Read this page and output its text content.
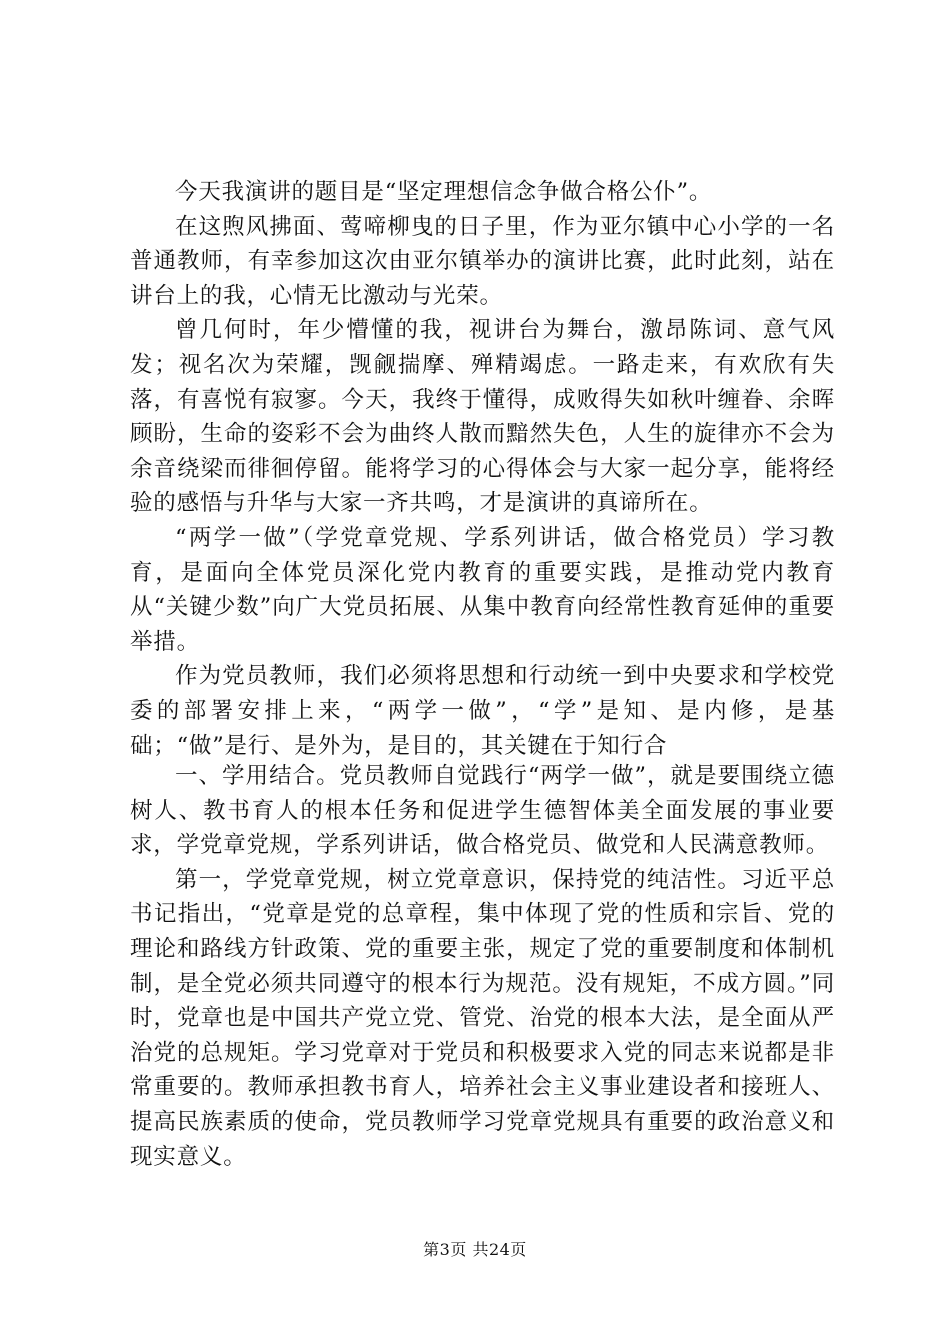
今天我演讲的题目是“坚定理想信念争做合格公仆”。

在这煦风拂面、莺啼柳曳的日子里，作为亚尔镇中心小学的一名普通教师，有幸参加这次由亚尔镇举办的演讲比赛，此时此刻，站在讲台上的我，心情无比激动与光荣。

曾几何时，年少懵懂的我，视讲台为舞台，激昂陈词、意气风发；视名次为荣耀，觊觎揣摩、殚精竭虑。一路走来，有欢欣有失落，有喜悦有寂寥。今天，我终于懂得，成败得失如秋叶缠眷、余晖顾盼，生命的姿彩不会为曲终人散而黯然失色，人生的旋律亦不会为余音绕梁而徘徊停留。能将学习的心得体会与大家一起分享，能将经验的感悟与升华与大家一齐共鸣，才是演讲的真谛所在。

“两学一做”（学党章党规、学系列讲话，做合格党员）学习教育，是面向全体党员深化党内教育的重要实践，是推动党内教育从“关键少数”向广大党员拓展、从集中教育向经常性教育延伸的重要举措。

作为党员教师，我们必须将思想和行动统一到中央要求和学校党委的部署安排上来，“两学一做”，“学”是知、是内修，是基础；“做”是行、是外为，是目的，其关键在于知行合

一、学用结合。党员教师自觉践行“两学一做”，就是要围绕立德树人、教书育人的根本任务和促进学生德智体美全面发展的事业要求，学党章党规，学系列讲话，做合格党员、做党和人民满意教师。

第一，学党章党规，树立党章意识，保持党的纯洁性。习近平总书记指出，“党章是党的总章程，集中体现了党的性质和宗旨、党的理论和路线方针政策、党的重要主张，规定了党的重要制度和体制机制，是全党必须共同遵守的根本行为规范。没有规矩，不成方圆。”同时，党章也是中国共产党立党、管党、治党的根本大法，是全面从严治党的总规矩。学习党章对于党员和积极要求入党的同志来说都是非常重要的。教师承担教书育人，培养社会主义事业建设者和接班人、提高民族素质的使命，党员教师学习党章党规具有重要的政治意义和现实意义。

第3页 共24页
